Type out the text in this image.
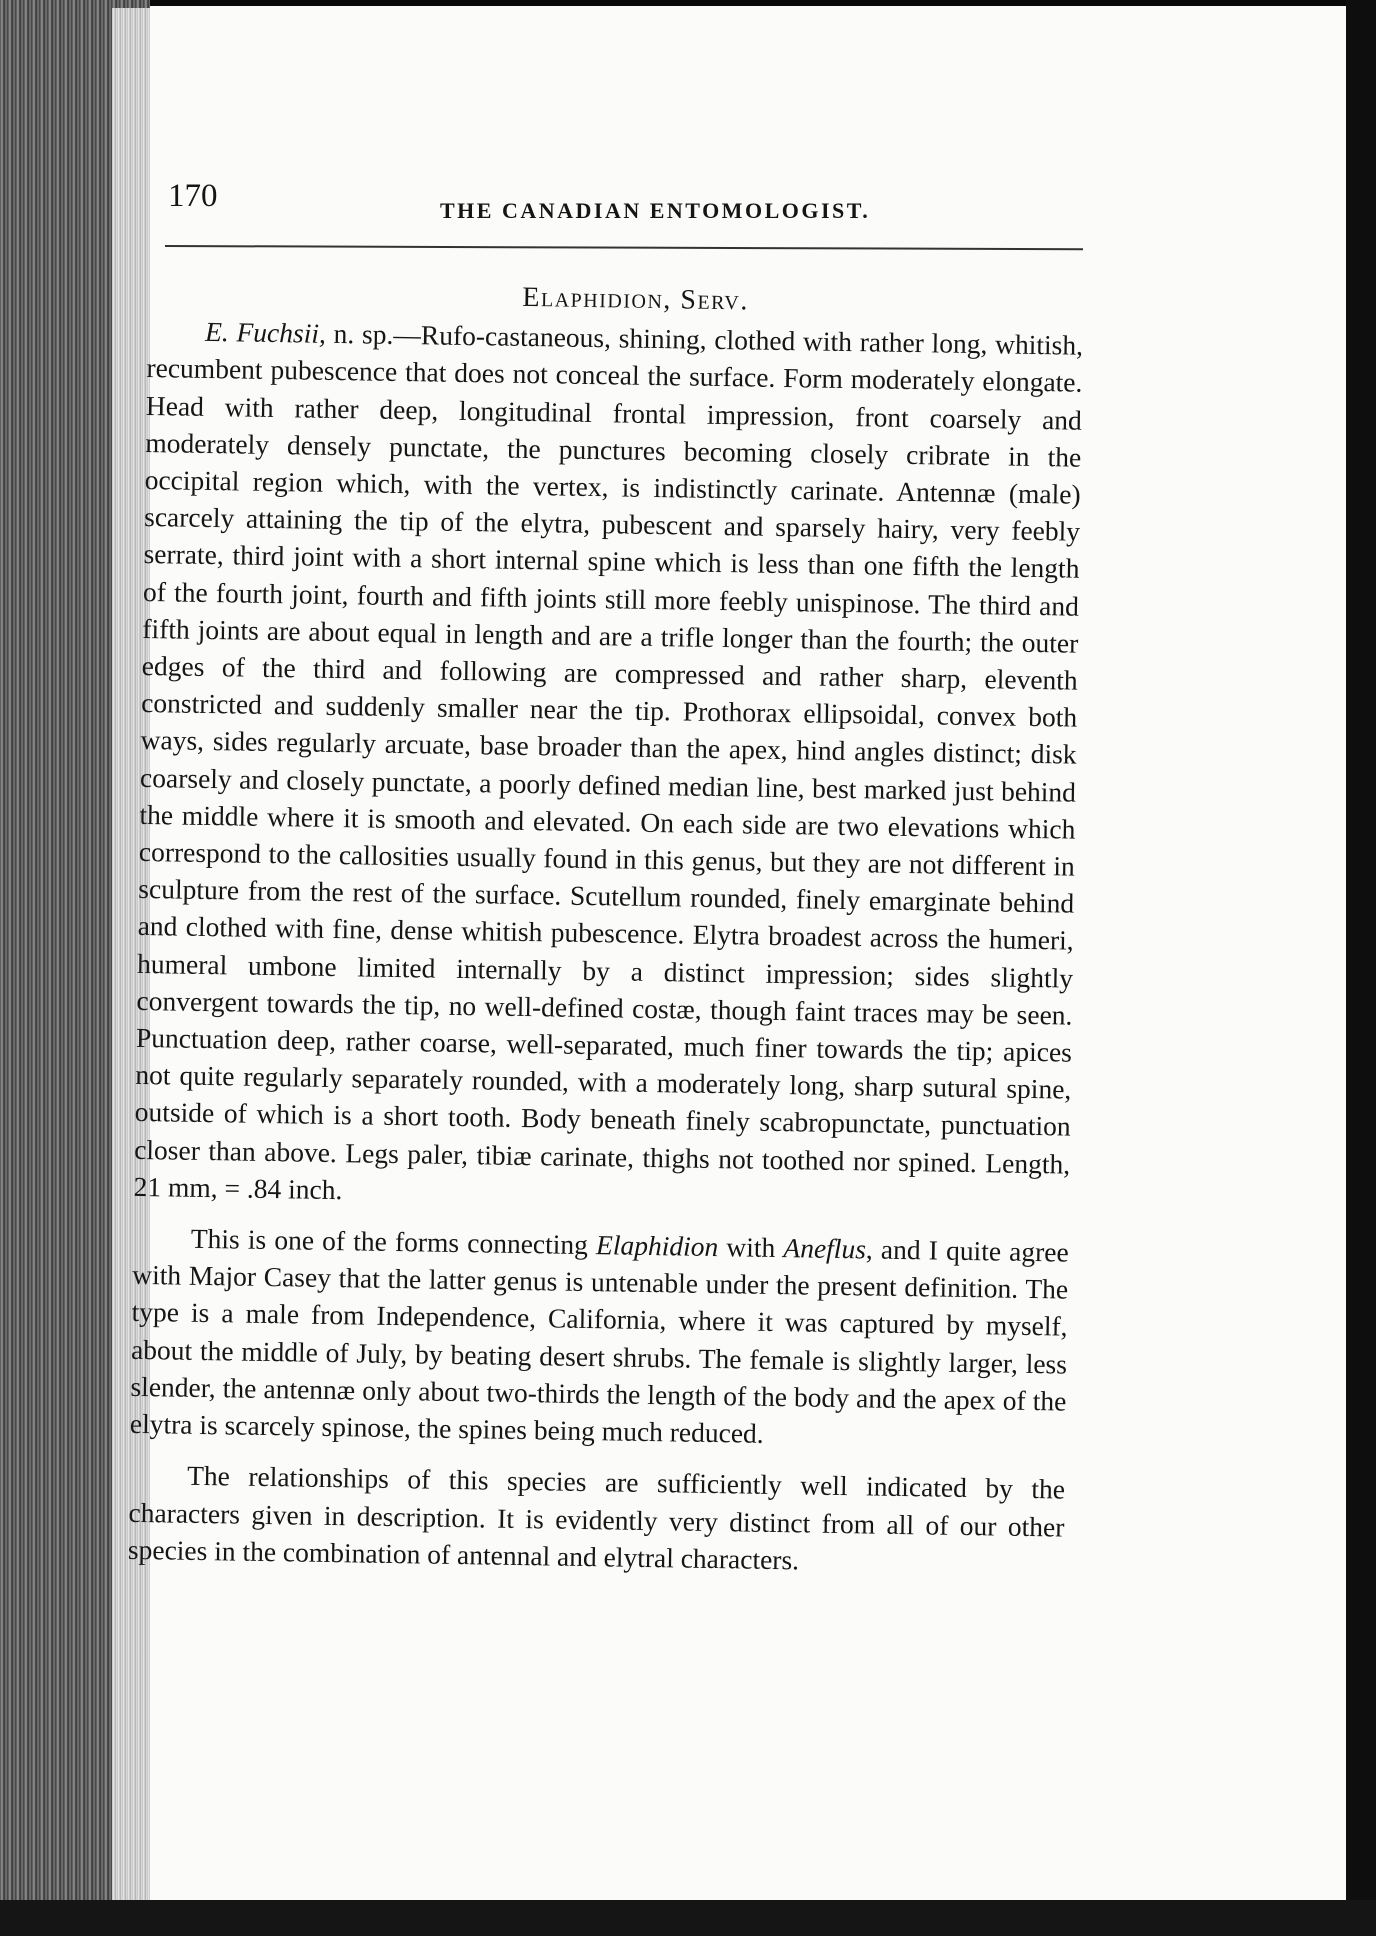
170	THE CANADIAN ENTOMOLOGIST.

Elaphidion, Serv.

E. Fuchsii, n. sp.—Rufo-castaneous, shining, clothed with rather long, whitish, recumbent pubescence that does not conceal the surface. Form moderately elongate. Head with rather deep, longitudinal frontal impression, front coarsely and moderately densely punctate, the punctures becoming closely cribrate in the occipital region which, with the vertex, is indistinctly carinate. Antennæ (male) scarcely attaining the tip of the elytra, pubescent and sparsely hairy, very feebly serrate, third joint with a short internal spine which is less than one fifth the length of the fourth joint, fourth and fifth joints still more feebly unispinose. The third and fifth joints are about equal in length and are a trifle longer than the fourth; the outer edges of the third and following are compressed and rather sharp, eleventh constricted and suddenly smaller near the tip. Prothorax ellipsoidal, convex both ways, sides regularly arcuate, base broader than the apex, hind angles distinct; disk coarsely and closely punctate, a poorly defined median line, best marked just behind the middle where it is smooth and elevated. On each side are two elevations which correspond to the callosities usually found in this genus, but they are not different in sculpture from the rest of the surface. Scutellum rounded, finely emarginate behind and clothed with fine, dense whitish pubescence. Elytra broadest across the humeri, humeral umbone limited internally by a distinct impression; sides slightly convergent towards the tip, no well-defined costæ, though faint traces may be seen. Punctuation deep, rather coarse, well-separated, much finer towards the tip; apices not quite regularly separately rounded, with a moderately long, sharp sutural spine, outside of which is a short tooth. Body beneath finely scabropunctate, punctuation closer than above. Legs paler, tibiæ carinate, thighs not toothed nor spined. Length, 21 mm, = .84 inch.

This is one of the forms connecting Elaphidion with Aneflus, and I quite agree with Major Casey that the latter genus is untenable under the present definition. The type is a male from Independence, California, where it was captured by myself, about the middle of July, by beating desert shrubs. The female is slightly larger, less slender, the antennæ only about two-thirds the length of the body and the apex of the elytra is scarcely spinose, the spines being much reduced.

The relationships of this species are sufficiently well indicated by the characters given in description. It is evidently very distinct from all of our other species in the combination of antennal and elytral characters.
